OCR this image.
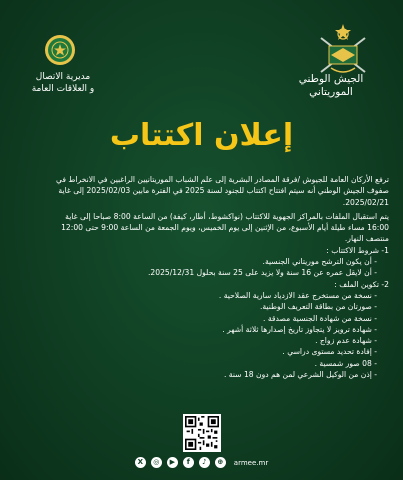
الجيش الوطني
الموريتاني
مديرية الاتصال
و العلاقات العامة
إعلان اكتتاب

ترفع الأركان العامة للجيوش /فرقة المصادر البشرية إلى علم الشباب الموريتانيين الراغبين في الانخراط في

صفوف الجيش الوطني أنه سيتم افتتاح اكتتاب للجنود لسنة 2025 في الفترة مابين 2025/02/03 إلى غاية

2025/02/21.

يتم استقبال الملفات بالمراكز الجهوية للاكتتاب (نواكشوط، أطار، كيفة) من الساعة 8:00 صباحا إلى غاية

16:00 مساء طيلة أيام الأسبوع، من الإثنين إلى يوم الخميس، ويوم الجمعة من الساعة 9:00 حتى 12:00

منتصف النهار.

1- شروط الاكتتاب :

- أن يكون الترشح موريتاني الجنسية.

- أن لايقل عمره عن 16 سنة ولا يزيد على 25 سنة بحلول 2025/12/31.

2- تكوين الملف :

- نسخة من مستخرج عقد الازدياد سارية الصلاحية .

- صورتان من بطاقة التعريف الوطنية.

- نسخة من شهادة الجنسية مصدقة .

- شهادة ترويز لا يتجاوز تاريخ إصدارها ثلاثة أشهر .

- شهادة عدم زواج .

- إفادة تحديد مستوى دراسي .

- 08 صور شمسية .

- إذن من الوكيل الشرعي لمن هم دون 18 سنة .

X	◎	▶	f	♪	⊕	armee.mr
